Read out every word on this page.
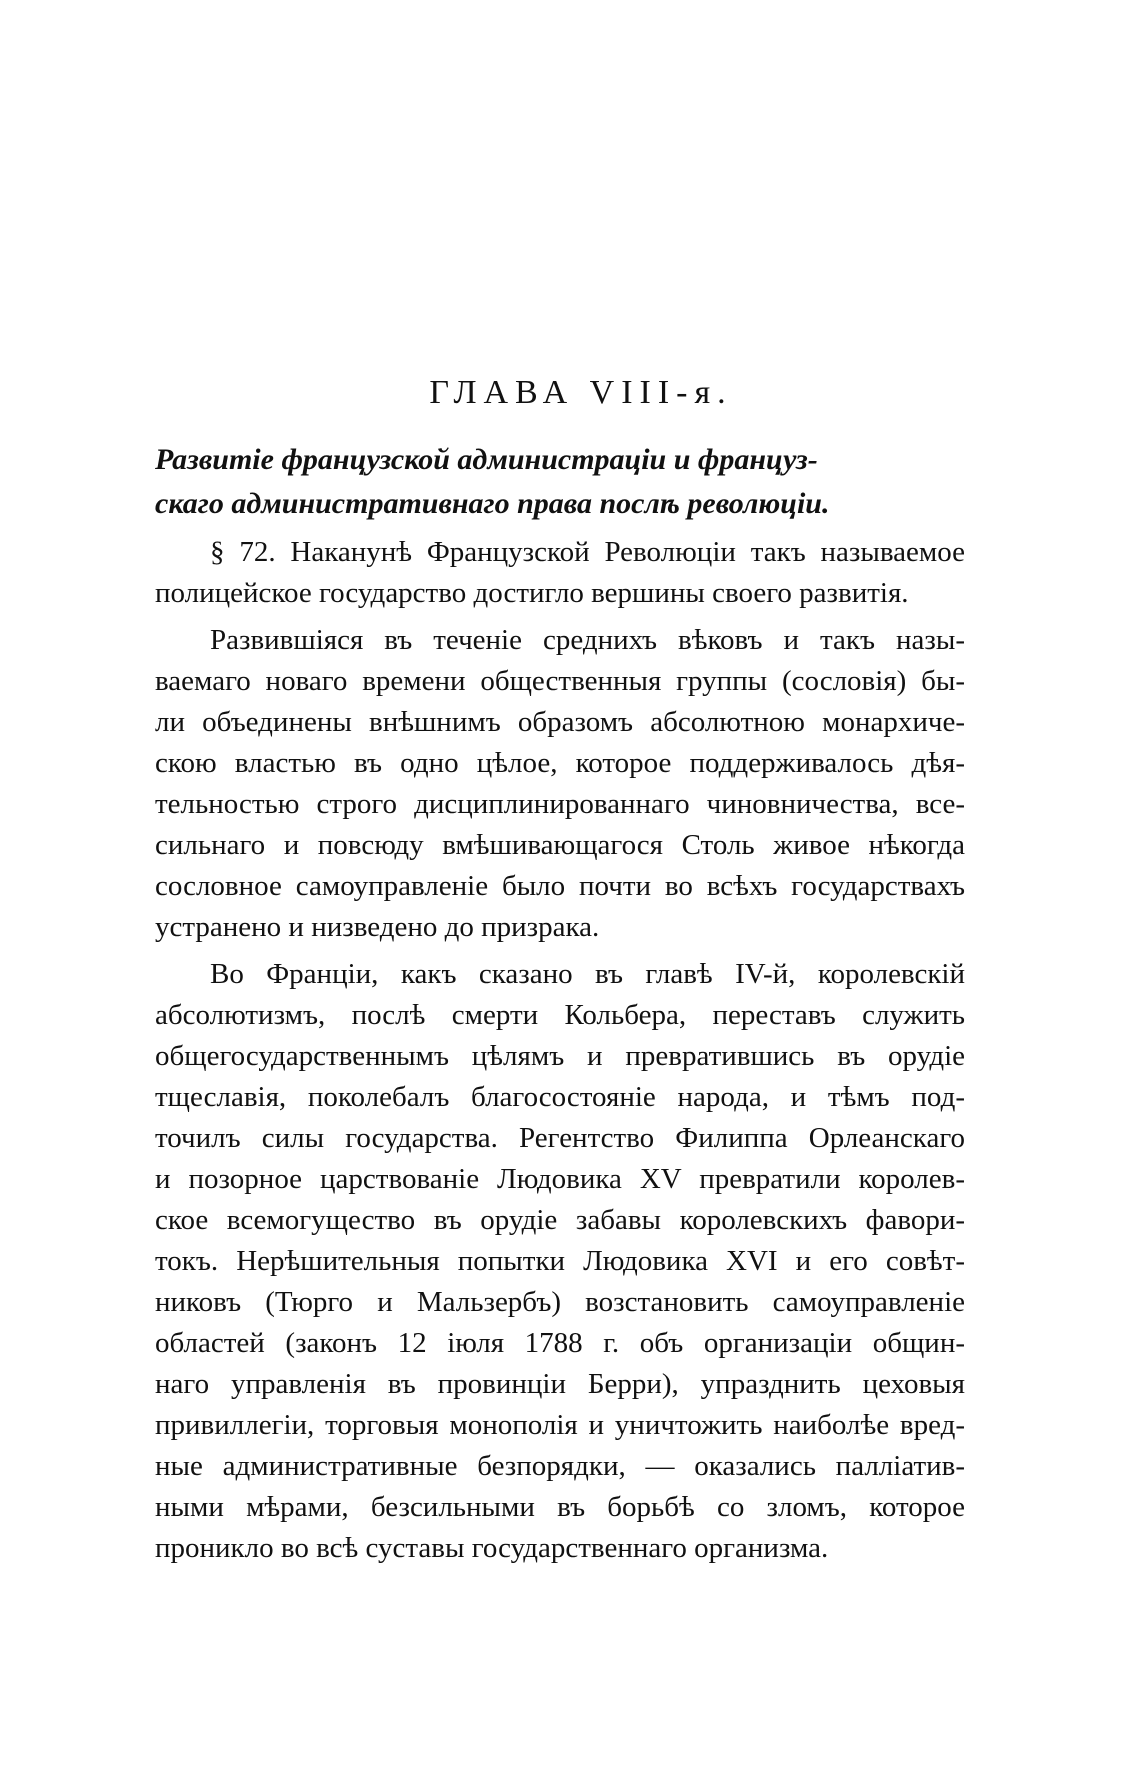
ГЛАВА VIII-я.
Развитіе французской администраціи и француз-
скаго административнаго права послѣ революціи.
§ 72. Наканунѣ Французской Революціи такъ называемое
полицейское государство достигло вершины своего развитія.
Развившіяся въ теченіе среднихъ вѣковъ и такъ назы-
ваемаго новаго времени общественныя группы (сословія) бы-
ли объединены внѣшнимъ образомъ абсолютною монархиче-
скою властью въ одно цѣлое, которое поддерживалось дѣя-
тельностью строго дисциплинированнаго чиновничества, все-
сильнаго и повсюду вмѣшивающагося Столь живое нѣкогда
сословное самоуправленіе было почти во всѣхъ государствахъ
устранено и низведено до призрака.
Во Франціи, какъ сказано въ главѣ IV-й, королевскій
абсолютизмъ, послѣ смерти Кольбера, переставъ служить
общегосударственнымъ цѣлямъ и превратившись въ орудіе
тщеславія, поколебалъ благосостояніе народа, и тѣмъ под-
точилъ силы государства. Регентство Филиппа Орлеанскаго
и позорное царствованіе Людовика XV превратили королев-
ское всемогущество въ орудіе забавы королевскихъ фавори-
токъ. Нерѣшительныя попытки Людовика XVI и его совѣт-
никовъ (Тюрго и Мальзербъ) возстановить самоуправленіе
областей (законъ 12 іюля 1788 г. объ организаціи общин-
наго управленія въ провинціи Берри), упразднить цеховыя
привиллегіи, торговыя монополія и уничтожить наиболѣе вред-
ные административные безпорядки, — оказались палліатив-
ными мѣрами, безсильными въ борьбѣ со зломъ, которое
проникло во всѣ суставы государственнаго организма.
